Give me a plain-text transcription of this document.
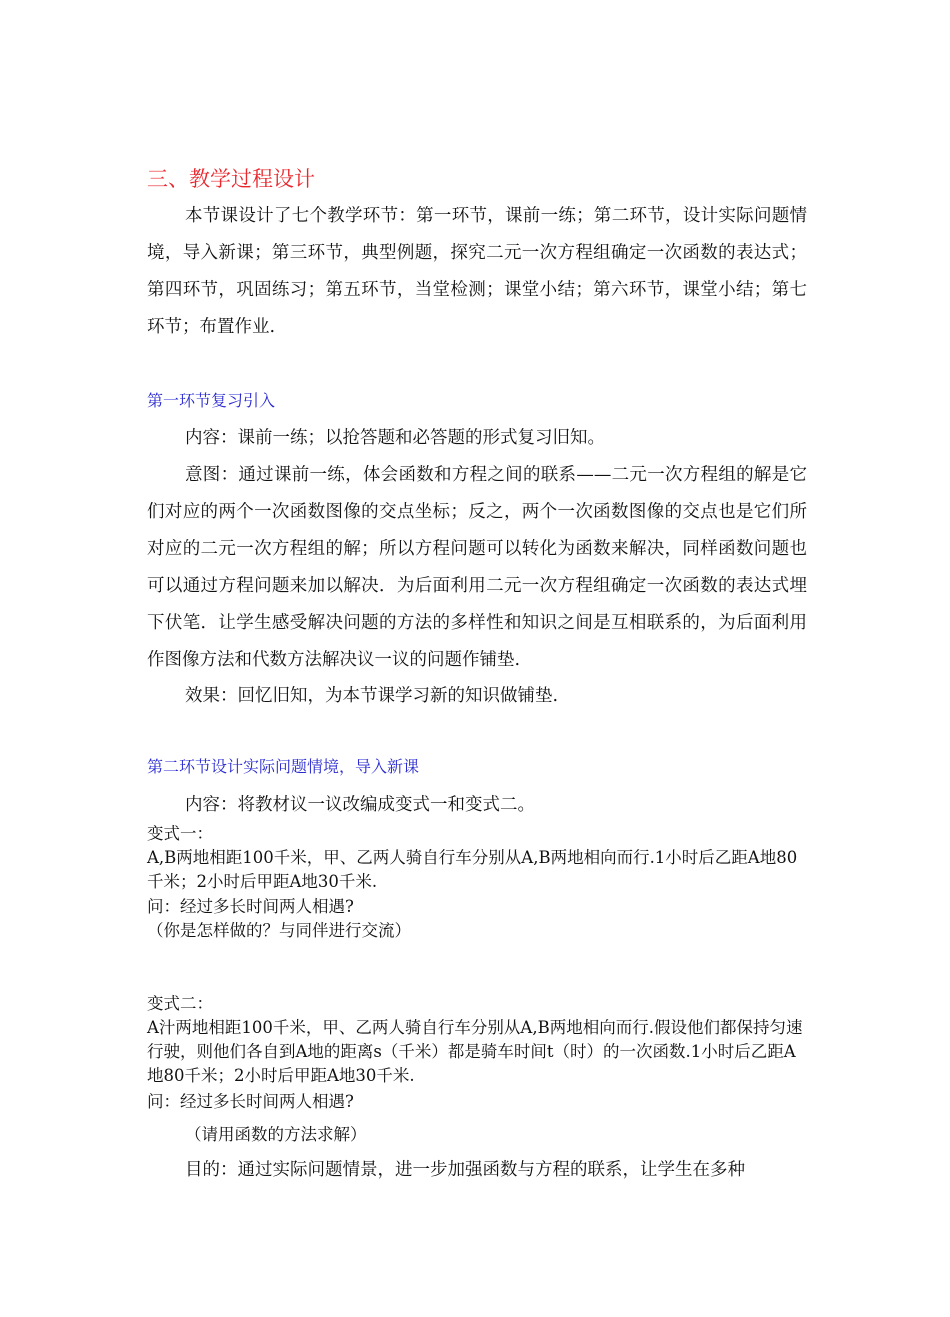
三、教学过程设计

本节课设计了七个教学环节：第一环节，课前一练；第二环节，设计实际问题情境，导入新课；第三环节，典型例题，探究二元一次方程组确定一次函数的表达式；第四环节，巩固练习；第五环节，当堂检测；课堂小结；第六环节，课堂小结；第七环节；布置作业.

第一环节复习引入

内容：课前一练；以抢答题和必答题的形式复习旧知。

意图：通过课前一练，体会函数和方程之间的联系——二元一次方程组的解是它们对应的两个一次函数图像的交点坐标；反之，两个一次函数图像的交点也是它们所对应的二元一次方程组的解；所以方程问题可以转化为函数来解决，同样函数问题也可以通过方程问题来加以解决．为后面利用二元一次方程组确定一次函数的表达式埋下伏笔．让学生感受解决问题的方法的多样性和知识之间是互相联系的，为后面利用作图像方法和代数方法解决议一议的问题作铺垫.

效果：回忆旧知，为本节课学习新的知识做铺垫.

第二环节设计实际问题情境，导入新课

内容：将教材议一议改编成变式一和变式二。

变式一：

A,B两地相距100千米，甲、乙两人骑自行车分别从A,B两地相向而行.1小时后乙距A地80千米；2小时后甲距A地30千米.

问：经过多长时间两人相遇?

（你是怎样做的？与同伴进行交流）

变式二：

A汁两地相距100千米，甲、乙两人骑自行车分别从A,B两地相向而行.假设他们都保持匀速行驶，则他们各自到A地的距离s（千米）都是骑车时间t（时）的一次函数.1小时后乙距A地80千米；2小时后甲距A地30千米.

问：经过多长时间两人相遇?

（请用函数的方法求解）

目的：通过实际问题情景，进一步加强函数与方程的联系，让学生在多种
